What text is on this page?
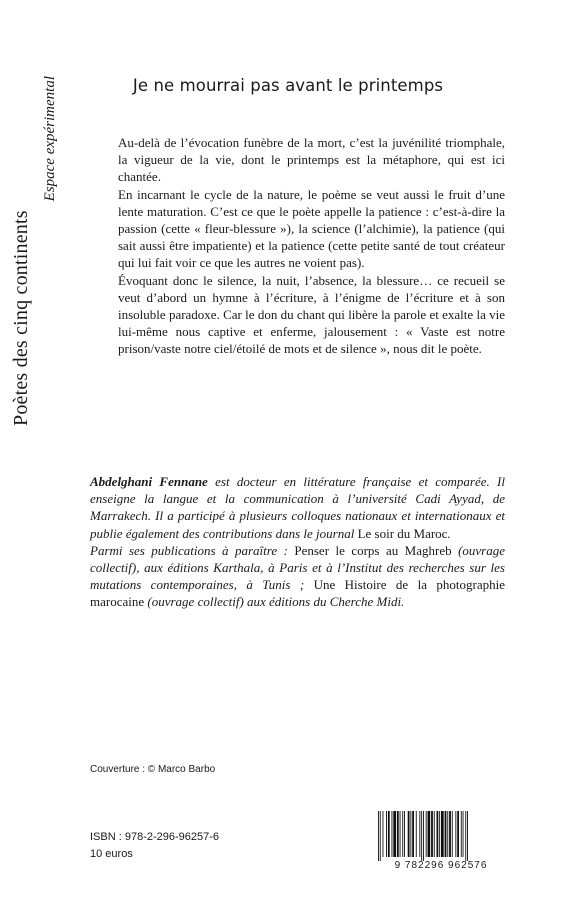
Poètes des cinq continents
Espace expérimental	Je ne mourrai pas avant le printemps

Au-delà de l’évocation funèbre de la mort, c’est la juvénilité triomphale, la vigueur de la vie, dont le printemps est la métaphore, qui est ici chantée.

En incarnant le cycle de la nature, le poème se veut aussi le fruit d’une lente maturation. C’est ce que le poète appelle la patience : c’est-à-dire la passion (cette « fleur-blessure »), la science (l’alchimie), la patience (qui sait aussi être impatiente) et la patience (cette petite santé de tout créateur qui lui fait voir ce que les autres ne voient pas).

Évoquant donc le silence, la nuit, l’absence, la blessure… ce recueil se veut d’abord un hymne à l’écriture, à l’énigme de l’écriture et à son insoluble paradoxe. Car le don du chant qui libère la parole et exalte la vie lui-même nous captive et enferme, jalousement : « Vaste est notre prison/vaste notre ciel/étoilé de mots et de silence », nous dit le poète.

Abdelghani Fennane est docteur en littérature française et comparée. Il enseigne la langue et la communication à l’université Cadi Ayyad, de Marrakech. Il a participé à plusieurs colloques nationaux et internationaux et publie également des contributions dans le journal Le soir du Maroc.

Parmi ses publications à paraître : Penser le corps au Maghreb (ouvrage collectif), aux éditions Karthala, à Paris et à l’Institut des recherches sur les mutations contemporaines, à Tunis ; Une Histoire de la photographie marocaine (ouvrage collectif) aux éditions du Cherche Midi.

Couverture : © Marco Barbo
ISBN : 978-2-296-96257-6
10 euros
9 782296 962576
